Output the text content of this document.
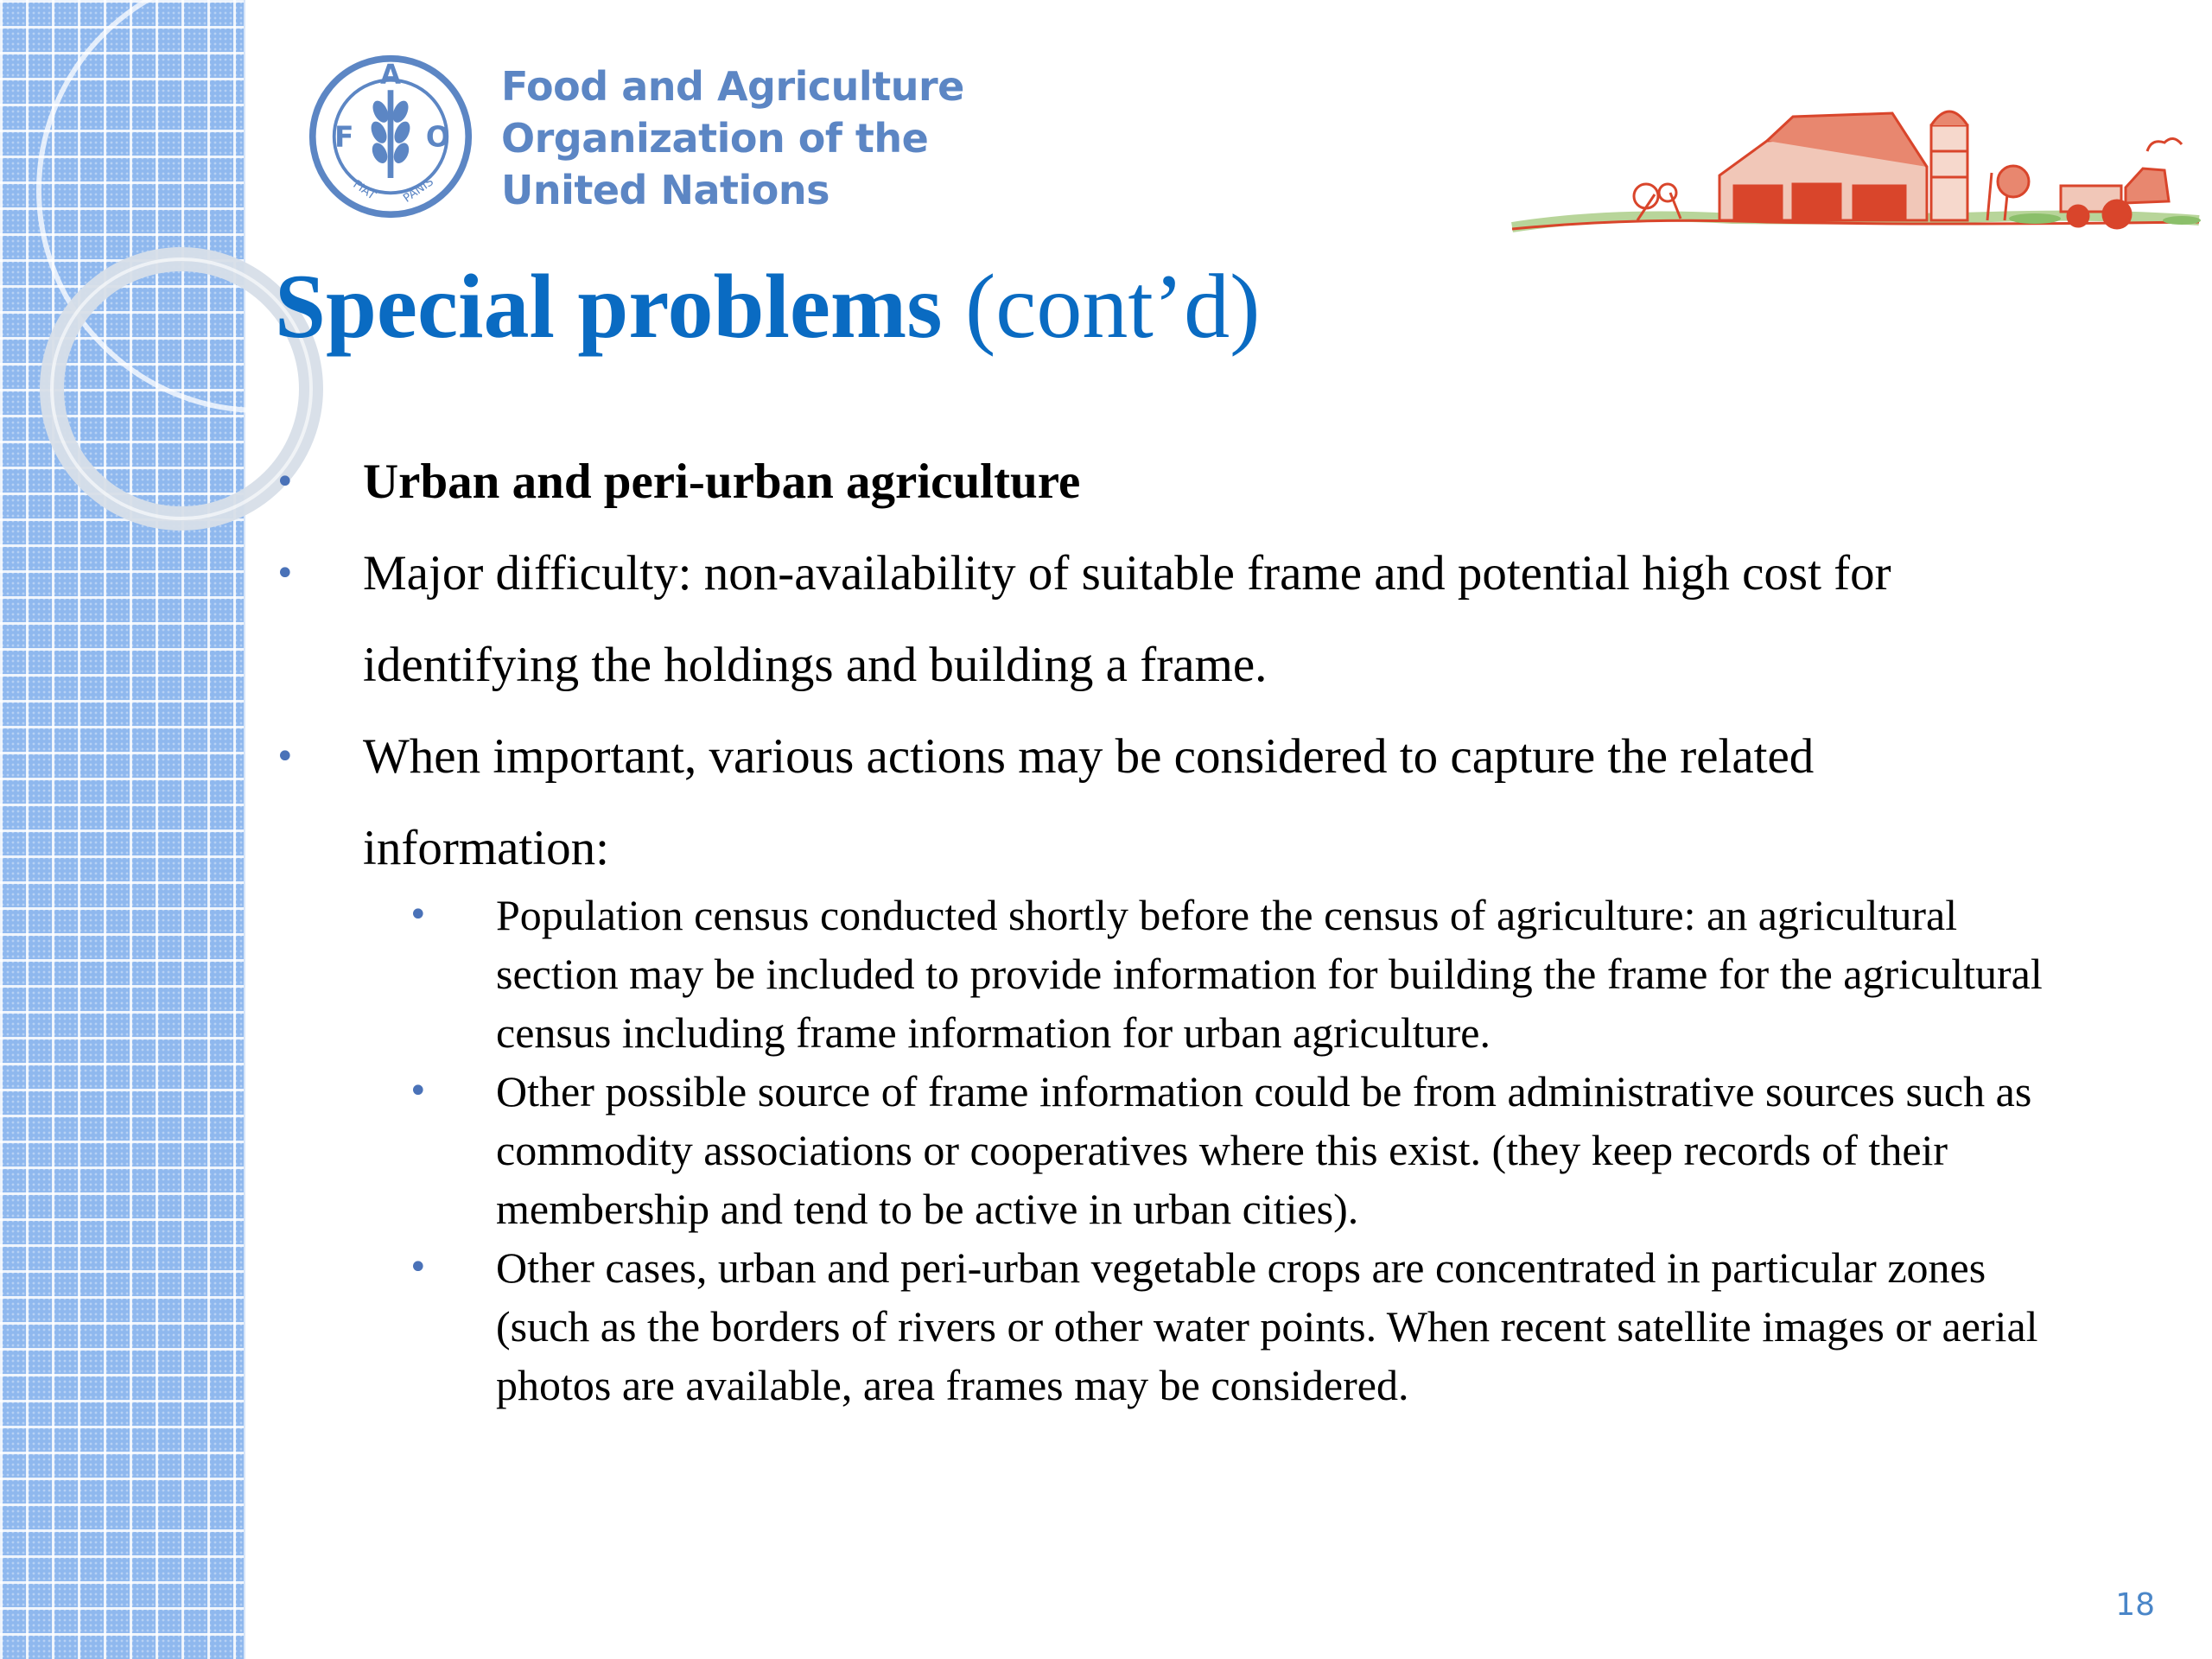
A
F O
FIAT PANIS
Food and Agriculture
Organization of the
United Nations
Special problems (cont’d)
• Urban and peri-urban agriculture
• Major difficulty: non-availability of suitable frame and potential high cost for identifying the holdings and building a frame.
• When important, various actions may be considered to capture the related information:
• Population census conducted shortly before the census of agriculture: an agricultural section may be included to provide information for building the frame for the agricultural census including frame information for urban agriculture.
• Other possible source of frame information could be from administrative sources such as commodity associations or cooperatives where this exist. (they keep records of their membership and tend to be active in urban cities).
• Other cases, urban and peri-urban vegetable crops are concentrated in particular zones (such as the borders of rivers or other water points. When recent satellite images or aerial photos are available, area frames may be considered.
18
